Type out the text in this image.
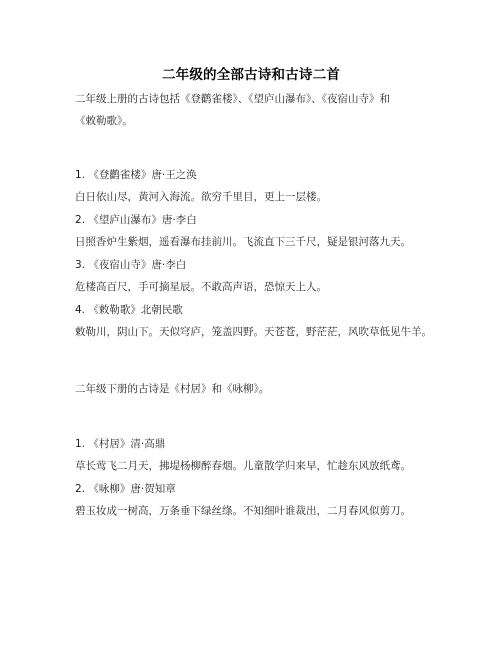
二年级的全部古诗和古诗二首
二年级上册的古诗包括《登鹳雀楼》、《望庐山瀑布》、《夜宿山寺》和
《敕勒歌》。
1. 《登鹳雀楼》唐·王之涣
白日依山尽，黄河入海流。欲穷千里目，更上一层楼。
2. 《望庐山瀑布》唐·李白
日照香炉生紫烟，遥看瀑布挂前川。飞流直下三千尺，疑是银河落九天。
3. 《夜宿山寺》唐·李白
危楼高百尺，手可摘星辰。不敢高声语，恐惊天上人。
4. 《敕勒歌》北朝民歌
敕勒川，阴山下。天似穹庐，笼盖四野。天苍苍，野茫茫，风吹草低见牛羊。
二年级下册的古诗是《村居》和《咏柳》。
1. 《村居》清·高鼎
草长莺飞二月天，拂堤杨柳醉春烟。儿童散学归来早，忙趁东风放纸鸢。
2. 《咏柳》唐·贺知章
碧玉妆成一树高，万条垂下绿丝绦。不知细叶谁裁出，二月春风似剪刀。
